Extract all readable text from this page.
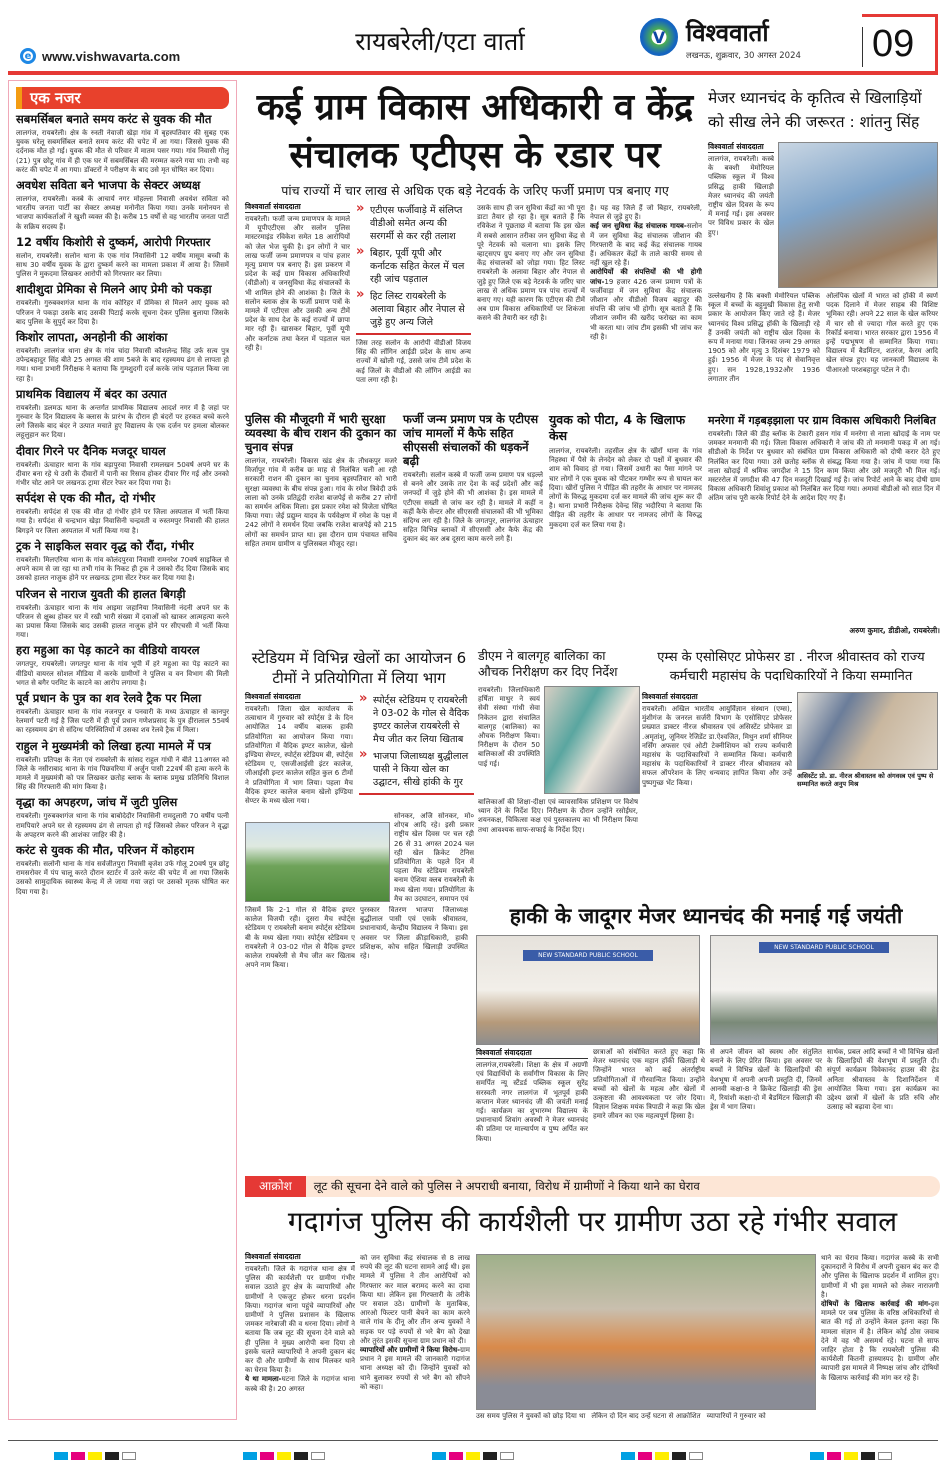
e www.vishwavarta.com	रायबरेली/एटा वार्ता	V विश्ववार्ता
लखनऊ, शुक्रवार, 30 अगस्त 2024 09
एक नजर
सबमर्सिबल बनाते समय करंट से युवक की मौत
लालगंज, रायबरेली। क्षेत्र के रुस्ती नेवाजी खेड़ा गांव में बृहस्पतिवार की सुबह एक युवक घरेलू सबमर्सिबल बनाते समय करंट की चपेट में आ गया। जिससे युवक की दर्दनाक मौत हो गई। युवक की मौत से परिवार में मातम पसर गया। गांव निवासी गोलू (21) पुत्र छोटू गांव में ही एक घर में सबमर्सिबल की मरम्मत करने गया था। तभी वह करंट की चपेट में आ गया। डॉक्टरों ने परीक्षण के बाद उसे मृत घोषित कर दिया।
अवधेश सविता बने भाजपा के सेक्टर अध्यक्ष
लालगंज, रायबरेली। कस्बे के आचार्य नगर मोहल्ला निवासी अवधेश सविता को भारतीय जनता पार्टी का सेक्टर अध्यक्ष मनोनीत किया गया। उनके मनोनयन से भाजपा कार्यकर्ताओं ने खुशी व्यक्त की है। करीब 15 वर्षों से वह भारतीय जनता पार्टी के सक्रिय सदस्य हैं।
12 वर्षीय किशोरी से दुष्कर्म, आरोपी गिरफ्तार
सलोन, रायबरेली। सलोन थाना के एक गांव निवासिनी 12 वर्षीय मासूम बच्ची के साथ 30 वर्षीय युवक के द्वारा दुष्कर्म करने का मामला प्रकाश में आया है। जिसमें पुलिस ने मुकदमा लिखकर आरोपी को गिरफ्तार कर लिया।
शादीशुदा प्रेमिका से मिलने आए प्रेमी को पकड़ा
रायबरेली। गुरुबक्शगंज थाना के गांव कोरिहर में प्रेमिका से मिलने आए युवक को परिजन ने पकड़ा उसके बाद उसकी पिटाई करके सूचना देकर पुलिस बुलाया जिसके बाद पुलिस के सुपुर्द कर दिया है।
किशोर लापता, अनहोनी की आशंका
रायबरेली। लालगंज थाना क्षेत्र के गांव चांदा निवासी कौशलेन्द्र सिंह उर्फ सत्य पुत्र उपेन्द्रबहादुर सिंह बीते 25 अगस्त की शाम 5बजे के बाद रहस्यमय ढंग से लापता हो गया। थाना प्रभारी निरीक्षक ने बताया कि गुमशुदगी दर्ज करके जांच पड़ताल किया जा रहा है।
प्राथमिक विद्यालय में बंदर का उत्पात
रायबरेली। डलमऊ थाना के अन्तर्गत प्राथमिक विद्यालय आदर्श नगर में है जहां पर गुरुवार के दिन विद्यालय के क्लास के प्रारंभ के दौरान ही बंदरों पर हरकत बच्चे करने लगे जिसके बाद बंदर ने उत्पात मचाते हुए विद्यालय के एक दर्जन पर हमला बोलकर लहूलुहान कर दिया।
दीवार गिरने पर दैनिक मजदूर घायल
रायबरेली। ऊंचाहार थाना के गांव बड़ापुरवा निवासी रामलखन 50वर्ष अपने घर के दीवार बना रहे थे उसी के दीवारों में पानी का रिसाव होकर दीवार गिर गई और उनको गंभीर चोट आने पर लखनऊ ट्रामा सेंटर रेफर कर दिया गया है।
सर्पदंश से एक की मौत, दो गंभीर
रायबरेली। सर्पदंश से एक की मौत दो गंभीर होने पर जिला अस्पताल में भर्ती किया गया है। सर्पदंश से चन्द्रभान खेड़ा निवासिनी चन्द्रवती व रुस्तमपुर निवासी की हालत बिगड़ने पर जिला अस्पताल में भर्ती किया गया है।
ट्रक ने साइकिल सवार वृद्ध को रौंदा, गंभीर
रायबरेली। मिलएरिया थाना के गांव कोलंदपुरवा निवासी रामनरेश 70वर्ष साइकिल से अपने काम से जा रहा था तभी गांव के निकट ही ट्रक ने उसको रौंद दिया जिसके बाद उसको हालत नाजुक होने पर लखनऊ ट्रामा सेंटर रेफर कर दिया गया है।
परिजन से नाराज युवती की हालत बिगड़ी
रायबरेली। ऊंचाहार थाना के गांव आइमा जहानिया निवासिनी नंदनी अपने घर के परिजन से क्षुब्ध होकर घर में रखी भारी संख्या में दवाओं को खाकर आत्महत्या करने का प्रयास किया जिसके बाद उसकी हालत नाजुक होने पर सीएचसी में भर्ती किया गया।
हरा महुआ का पेड़ काटने का वीडियो वायरल
जगतपुर, रायबरेली। जगतपुर थाना के गांव भूपी में हरे महुआ का पेड़ काटने का वीडियो वायरल सोशल मीडिया में करके ग्रामीणों ने पुलिस व वन विभाग की मिली भगत से बगैर परमिट के काटने का आरोप लगाया है।
पूर्व प्रधान के पुत्र का शव रेलवे ट्रैक पर मिला
रायबरेली। ऊंचाहार थाना के गांव नजनपुर व पनवारी के मध्य ऊंचाहार से कानपुर रेलमार्ग पटरी गई है जिस पटरी में ही पूर्व प्रधान गणेशप्रसाद के पुत्र हीरालाल 55वर्ष का रहस्यमय ढंग से संदिग्ध परिस्थितियों में उसका शव रेलवे ट्रैक में मिला।
राहुल ने मुख्यमंत्री को लिखा हत्या मामले में पत्र
रायबरेली। प्रतिपक्ष के नेता एवं रायबरेली के सांसद राहुल गांधी ने बीते 11अगस्त को जिले के नसीराबाद थाना के गांव पिछवरिया में अर्जुन पासी 22वर्ष की हत्या करने के मामले में मुख्यमंत्री को पत्र लिखकर छतोह ब्लाक के ब्लाक प्रमुख प्रतिनिधि विशाल सिंह की गिरफ्तारी की मांग किया है।
वृद्धा का अपहरण, जांच में जुटी पुलिस
रायबरेली। गुरुबक्शगंज थाना के गांव बाबोदेदौर निवासिनी रामदुलारी 70 वर्षीय पत्नी रामपियारे अपने घर से रहस्यमय ढंग से लापता हो गई जिसको लेकर परिजन ने वृद्धा के अपहरण करने की आशंका जाहिर की है।
करंट से युवक की मौत, परिजन में कोहराम
रायबरेली। सलोनी थाना के गांव सर्वजीतपुरा निवासी बृजेश उर्फ गोलू 20वर्ष पुत्र छोटू रामसरोवर में पंप चालू करते दौरान स्टार्टर में उतरे करंट की चपेट में आ गया जिसके उसको सामुदायिक स्वास्थ्य केन्द्र में ले जाया गया जहां पर उसको मृतक घोषित कर दिया गया है।
कई ग्राम विकास अधिकारी व केंद्र संचालक एटीएस के रडार पर
पांच राज्यों में चार लाख से अधिक एक बड़े नेटवर्क के जरिए फर्जी प्रमाण पत्र बनाए गए
विश्ववार्ता संवाददाता
रायबरेली। फर्जी जन्म प्रमाणपत्र के मामले में यूपीएटीएस और सलोन पुलिस मास्टरमाइंड रविकेश समेत 18 आरोपियों को जेल भेज चुकी है। इन लोगों ने चार लाख फर्जी जन्म प्रमाणपत्र व पांच हजार मृत्यु प्रमाण पत्र बनाए हैं। इस प्रकरण में प्रदेश के कई ग्राम विकास अधिकारियों (वीडीओ) व जनसुविधा केंद्र संचालकों के भी शामिल होने की आशंका है। जिले के सलोन ब्लाक क्षेत्र के फर्जी प्रमाण पत्रों के मामले में एटीएस और उसकी अन्य टीमें प्रदेश के साथ देश के कई राज्यों में छापा मार रही हैं। खासकर बिहार, पूर्वी यूपी और कर्नाटक तथा केरल में पड़ताल चल रही है।
» एटीएस फर्जीवाड़े में संलिप्त वीडीओ समेत अन्य की सरगर्मी से कर रही तलाश
» बिहार, पूर्वी यूपी और कर्नाटक सहित केरल में चल रही जांच पड़ताल
» हिट लिस्ट रायबरेली के अलावा बिहार और नेपाल से जुड़े हुए अन्य जिले
जिस तरह सलोन के आरोपी वीडीओ विजय सिंह की लॉगिन आईडी प्रदेश के साथ अन्य राज्यों में खोली गई, उससे जांच टीमें प्रदेश के कई जिलों के वीडीओ की लॉगिन आईडी का पता लगा रही है।
उसके साथ ही जन सुविधा केंद्रों का भी पूरा डाटा तैयार हो रहा है। सूत्र बताते हैं कि रविकेश ने पूछताछ में बताया कि इस खेल में सबसे आसान तरीका जन सुविधा केंद्र से पूरे नेटवर्क को चलाना था। इसके लिए व्हाट्सएप ग्रुप बनाए गए और जन सुविधा केंद्र संचालकों को जोड़ा गया। हिट लिस्ट रायबरेली के अलावा बिहार और नेपाल से जुड़े हुए जिले एक बड़े नेटवर्क के जरिए चार लाख से अधिक प्रमाण पत्र पांच राज्यों में बनाए गए। यही कारण कि एटीएस की टीमें अब ग्राम विकास अधिकारियों पर शिकंजा कसने की तैयारी कर रही है।
है। यह वह जिले हैं जो बिहार, रायबरेली, नेपाल से जुड़े हुए हैं।
कई जन सुविधा केंद्र संचालक गायब-सलोन में जन सुविधा केंद्र संचालक जीशान की गिरफ्तारी के बाद कई केंद्र संचालक गायब हैं। अधिकतर केंद्रों के ताले काफी समय से नहीं खुल रहे हैं।
आरोपियों की संपत्तियों की भी होगी जांच-19 हजार 426 जन्म प्रमाण पत्रों के फर्जीवाड़ा में जन सुविधा केंद्र संचालक जीशान और वीडीओ विजय बहादुर की संपत्ति की जांच भी होगी। सूत्र बताते हैं कि जीशान जमीन की खरीद फरोख्त का काम भी करता था। जांच टीम इसकी भी जांच कर रही है।
मेजर ध्यानचंद के कृतित्व से खिलाड़ियों को सीख लेने की जरूरत : शांतनु सिंह
विश्ववार्ता संवाददाता
लालगंज, रायबरेली। कस्बे के बक्शी मेमोरियल पब्लिक स्कूल में विश्व प्रसिद्ध हाकी खिलाड़ी मेजर ध्यानचंद की जयंती राष्ट्रीय खेल दिवस के रूप में मनाई गई। इस अवसर पर विविध प्रकार के खेल हुए।
उल्लेखनीय है कि बक्शी मेमोरियल पब्लिक स्कूल में बच्चों के बहुमुखी विकास हेतु सभी प्रकार के आयोजन किए जाते रहे हैं। मेजर ध्यानचंद विश्व प्रसिद्ध हॉकी के खिलाड़ी रहे हैं उनकी जयंती को राष्ट्रीय खेल दिवस के रूप में मनाया गया। जिनका जन्म 29 अगस्त 1905 को और मृत्यु 3 दिसंबर 1979 को हुई। 1956 में मेजर के पद से सेवानिवृत्त हुए। सन 1928,1932और 1936 लगातार तीन
ओलंपिक खेलों में भारत को हॉकी में स्वर्ण पदक दिलाने में मेजर साहब की विशिष्ट भूमिका रही। अपने 22 साल के खेल करियर में चार सौ से ज्यादा गोल करते हुए एक रिकॉर्ड बनाया। भारत सरकार द्वारा 1956 में इन्हें पद्मभूषण से सम्मानित किया गया। विद्यालय में बैडमिंटन, शतरंज, कैरम आदि खेल संपन्न हुए। यह जानकारी विद्यालय के पीआरओ परशबहादुर पटेल ने दी।
पुलिस की मौजूदगी में भारी सुरक्षा व्यवस्था के बीच राशन की दुकान का चुनाव संपन्न
लालगंज, रायबरेली। विकास खंड क्षेत्र के तौधकपुर मजरे मिर्जापुर गांव में करीब छः माह से निलंबित चली आ रही सरकारी राशन की दुकान का चुनाव बृहस्पतिवार को भारी सुरक्षा व्यवस्था के बीच संपन्न हुआ। गांव के रमेश त्रिवेदी उर्फ लाला को उनके प्रतिद्वंदी राजेश बाजपेई से करीब 27 लोगों का समर्थन अधिक मिला। इस प्रकार रमेश को विजेता घोषित किया गया। जेई प्रद्युम्न यादव के पर्यवेक्षण में रमेश के पक्ष में 242 लोगों ने समर्थन दिया जबकि राजेश बाजपेई को 215 लोगों का समर्थन प्राप्त था। इस दौरान ग्राम पंचायत सचिव सहित तमाम ग्रामीण व पुलिसबल मौजूद रहा।
फर्जी जन्म प्रमाण पत्र के एटीएस जांच मामलों में कैफे सहित सीएससी संचालकों की धड़कनें बढ़ी
रायबरेली। सलोन कस्बे में फर्जी जन्म प्रमाण पत्र धड़ल्ले से बनने और उसके तार देश के कई प्रदेशों और कई जनपदों में जुड़े होने की भी आशंका है। इस मामले में एटीएस सख्ती से जांच कर रही है। मामले में कहीं न कहीं कैफे सेन्टर और सीएससी संचालकों की भी भूमिका संदिग्ध लग रही है। जिले के जगतपुर, लालगंज ऊंचाहार सहित विभिन्न ब्लाकों में सीएससी और कैफे केंद्र की दुकान बंद कर अब दूसरा काम करने लगे हैं।
युवक को पीटा, 4 के खिलाफ केस
लालगंज, रायबरेली। तहसील क्षेत्र के खीरों थाना के गांव निहस्था में पैसे के लेनदेन को लेकर दो पक्षों में बुधवार की शाम को विवाद हो गया। जिसमें उधारी का पैसा मांगने पर चार लोगों ने एक युवक को पीटकर गम्भीर रूप से घायल कर दिया। खीरों पुलिस ने पीड़ित की तहरीर के आधार पर नामजद लोगों के विरुद्ध मुकदमा दर्ज कर मामले की जांच शुरू कर दी है। थाना प्रभारी निरीक्षक देवेन्द्र सिंह भदौरिया ने बताया कि पीड़ित की तहरीर के आधार पर नामजद लोगों के विरुद्ध मुकदमा दर्ज कर लिया गया है।
मनरेगा में गड़बड़झाला पर ग्राम विकास अधिकारी निलंबित
रायबरेली। जिले की डीह ब्लॉक के टेकारी हसन गांव में मनरेगा से नाला खोदाई के नाम पर जमकर मनमानी की गई। जिला विकास अधिकारी ने जांच की तो मनमानी पकड़ में आ गई। सीडीओ के निर्देश पर बुधवार को संबंधित ग्राम विकास अधिकारी को दोषी करार देते हुए निलंबित कर दिया गया। उसे छतोह ब्लॉक से संबद्ध किया गया है। जांच में पाया गया कि नाला खोदाई में श्रमिक जगदीश ने 15 दिन काम किया और उसे मजदूरी भी मिल गई। मस्टररोल में जगदीश की 47 दिन मजदूरी दिखाई गई है। जांच रिपोर्ट आने के बाद दोषी ग्राम विकास अधिकारी शिवांशु प्रकाश को निलंबित कर दिया गया। अमावां बीडीओ को सात दिन में अंतिम जांच पूरी करके रिपोर्ट देने के आदेश दिए गए हैं।
अरुण कुमार, डीडीओ, रायबरेली।
स्टेडियम में विभिन्न खेलों का आयोजन 6 टीमों ने प्रतियोगिता में लिया भाग
विश्ववार्ता संवाददाता
रायबरेली। जिला खेल कार्यालय के तत्वाधान में गुरुवार को स्पोर्ट्स डे के दिन आयोजित 14 वर्षीय बालक हाकी प्रतियोगिता का आयोजन किया गया। प्रतियोगिता में वैदिक इण्टर कालेज, खेलो इण्डिया सेण्टर, स्पोर्ट्स स्टेडियम बी, स्पोर्ट्स स्टेडियम ए, एसजीआईसी इंटर कालेज, जीआईसी इन्टर कालेज सहित कुल 6 टीमों ने प्रतियोगिता में भाग लिया। पहला मैच वैदिक इण्टर कालेज बनाम खेलो इण्डिया सेण्टर के मध्य खेला गया।
» स्पोर्ट्स स्टेडियम ए रायबरेली ने 03-02 के गोल से वैदिक इण्टर कालेज रायबरेली से मैच जीत कर लिया खिताब
» भाजपा जिलाध्यक्ष बुद्धीलाल पासी ने किया खेल का उद्घाटन, सीखे हांकी के गुर
सोनकर, अजि सोनकर, मो० शोएब आदि रहे। इसी प्रकार राष्ट्रीय खेल दिवस पर चल रही 26 से 31 अगस्त 2024 चल रही खेल क्रिकेट टेनिस प्रतियोगिता के पहले दिन में पहला मैच स्टेडियम रायबरेली बनाम ऐशिया क्लब रायबरेली के मध्य खेला गया। प्रतियोगिता के मैच का उदघाटन, समापन एवं
जिसमें कि 2-1 गोल से वैदिक इण्टर कालेज विजयी रही। दूसरा मैच स्पोर्ट्स स्टेडियम ए रायबरेली बनाम स्पोर्ट्स स्टेडियम बी के मध्य खेला गया। स्पोर्ट्स स्टेडियम ए रायबरेली ने 03-02 गोल से वैदिक इण्टर कालेज रायबरेली से मैच जीत कर खिताब अपने नाम किया।
पुरस्कार वितरण भाजपा जिलाध्यक्ष बुद्धीलाल पासी एवं एसके श्रीवास्तव, प्रधानाचार्य, केन्द्रीय विद्यालय ने किया। इस अवसर पर जिला क्रीड़ाधिकारी, हाकी प्रशिक्षक, कोच सहित खिलाड़ी उपस्थित रहे।
डीएम ने बालगृह बालिका का औचक निरीक्षण कर दिए निर्देश
रायबरेली। जिलाधिकारी हर्षिता माथुर ने स्वयं सेवी संस्था गांधी सेवा निकेतन द्वारा संचालित बालगृह (बालिका) का औचक निरीक्षण किया। निरीक्षण के दौरान 50 बालिकाओं की उपस्थिति पाई गई।
बालिकाओं की शिक्षा-दीक्षा एवं व्यावसायिक प्रशिक्षण पर विशेष ध्यान देने के निर्देश दिए। निरीक्षण के दौरान उन्होंने रसोईघर, शयनकक्ष, चिकित्सा कक्ष एवं पुस्तकालय का भी निरीक्षण किया तथा आवश्यक साफ-सफाई के निर्देश दिए।
एम्स के एसोसिएट प्रोफेसर डा . नीरज श्रीवास्तव को राज्य कर्मचारी महासंघ के पदाधिकारियों ने किया सम्मानित
विश्ववार्ता संवाददाता
रायबरेली। अखिल भारतीय आयुर्विज्ञान संस्थान (एम्स), मुंशीगंज के जनरल सर्जरी विभाग के एसोसिएट प्रोफेसर प्रख्यात डाक्टर नीरज श्रीवास्तव एवं असिस्टेंट प्रोफेसर डा .अमृतांशु, जूनियर रेजिडेंट डा.ऐश्वजित, मिथुन शर्मा सीनियर नर्सिंग अफसर एवं ओटी टेक्नीशियन को राज्य कर्मचारी महासंघ के पदाधिकारियों ने सम्मानित किया। कर्मचारी महासंघ के पदाधिकारियों ने डाक्टर नीरज श्रीवास्तव को सफल ऑपरेशन के लिए धन्यवाद ज्ञापित किया और उन्हें पुष्पगुच्छ भेंट किया।
असिस्टेंट प्रो. डा. नीरज श्रीवास्तव को अंगवस्त्र एवं पुष्प से सम्मानित करते अनुप मिश्र
हाकी के जादूगर मेजर ध्यानचंद की मनाई गई जयंती
NEW STANDARD PUBLIC SCHOOL
NEW STANDARD PUBLIC SCHOOL
विश्ववार्ता संवाददाता
लालगंज,रायबरेली। शिक्षा के क्षेत्र में अग्रणी एवं विद्यार्थियों के सर्वांगीण विकास के लिए समर्पित न्यू स्टैंडर्ड पब्लिक स्कूल सुरेंद्र सरस्वती नगर लालगंज में भूतपूर्व हाकी कप्तान मेजर ध्यानचंद जी की जयंती मनाई गई। कार्यक्रम का शुभारम्भ विद्यालय के प्रधानाचार्य शिवांग अवस्थी ने मेजर ध्यानचंद की प्रतिमा पर माल्यार्पण व पुष्प अर्पित कर किया।
छात्राओं को संबोधित करते हुए कहा कि मेजर ध्यानचंद एक महान हॉकी खिलाड़ी थे जिन्होंने भारत को कई अंतर्राष्ट्रीय प्रतियोगिताओं में गौरवान्वित किया। उन्होंने बच्चों को खेलों के महत्व और खेलों में उत्कृष्टता की आवश्यकता पर जोर दिया। विज्ञान शिक्षक मयंक त्रिपाठी ने कहा कि खेल हमारे जीवन का एक महत्वपूर्ण हिस्सा है।
से अपने जीवन को स्वस्थ और संतुलित बनाने के लिए प्रेरित किया। इस अवसर पर बच्चों ने विभिन्न खेलों के खिलाड़ियों की वेशभूषा में अपनी अपनी प्रस्तुति दी, जिनमें आनवी कक्षा-8 ने क्रिकेट खिलाड़ी की ड्रेस में, रियांशी कक्षा-दो में बैडमिंटन खिलाड़ी की ड्रेस में भाग लिया।
सार्थक, प्रबल आदि बच्चों ने भी विभिन्न खेलों के खिलाड़ियों की वेशभूषा में प्रस्तुति दी। संपूर्ण कार्यक्रम विवेकानंद हाउस की हेड अनिता श्रीवास्तव के दिशानिर्देशन में आयोजित किया गया। इस कार्यक्रम का उद्देश्य छात्रों में खेलों के प्रति रुचि और उत्साह को बढ़ावा देना था।
आक्रोश	लूट की सूचना देने वाले को पुलिस ने अपराधी बनाया, विरोध में ग्रामीणों ने किया थाने का घेराव
गदागंज पुलिस की कार्यशैली पर ग्रामीण उठा रहे गंभीर सवाल
विश्ववार्ता संवाददाता
रायबरेली। जिले के गदागंज थाना क्षेत्र में पुलिस की कार्यशैली पर ग्रामीण गंभीर सवाल उठाते हुए क्षेत्र के व्यापारियों और ग्रामीणों ने एकजुट होकर धरना प्रदर्शन किया। गदागंज थाना पहुंचे व्यापारियों और ग्रामीणों ने पुलिस प्रशासन के खिलाफ जमकर नारेबाजी की व धरना दिया। लोगों ने बताया कि जब लूट की सूचना देने वाले को ही पुलिस ने मुख्य आरोपी बना दिया तो इसके चलते व्यापारियों ने अपनी दुकान बंद कर दी और ग्रामीणों के साथ मिलकर थाने का घेराव किया है।
ये था मामला-घटना जिले के गदागंज थाना कस्बे की है। 20 अगस्त
को जन सुविधा केंद्र संचालक से 8 लाख रुपये की लूट की घटना सामने आई थी। इस मामले में पुलिस ने तीन आरोपियों को गिरफ्तार कर माल बरामद करने का दावा किया था। लेकिन इस गिरफ्तारी के तरीके पर सवाल उठे। ग्रामीणों के मुताबिक, आरओ फिल्टर पानी बेचने का काम करने वाले गांव के दीनू और तीन अन्य युवकों ने सड़क पर पड़े रुपयों से भरे बैग को देखा और तुरंत इसकी सूचना ग्राम प्रधान को दी।
व्यापारियों और ग्रामीणों ने किया विरोध-ग्राम प्रधान ने इस मामले की जानकारी गदागंज थाना अध्यक्ष को दी। जिन्होंने युवकों को थाने बुलाकर रुपयों से भरे बैग को सौंपने को कहा।
उस समय पुलिस ने युवकों को छोड़ दिया था लेकिन दो दिन बाद उन्हें घटना से आक्रोशित व्यापारियों ने गुरुवार को
थाने का घेराव किया। गदागंज कस्बे के सभी दुकानदारों ने विरोध में अपनी दुकान बंद कर दी और पुलिस के खिलाफ प्रदर्शन में शामिल हुए। ग्रामीणों में भी इस मामले को लेकर नाराजगी है।
दोषियों के खिलाफ कार्रवाई की मांग-इस मामले पर जब पुलिस के वरिष्ठ अधिकारियों से बात की गई तो उन्होंने केवल इतना कहा कि मामला संज्ञान में है। लेकिन कोई ठोस जवाब देने में वह भी असमर्थ रहे। घटना से साफ जाहिर होता है कि रायबरेली पुलिस की कार्यशैली कितनी हास्यास्पद है। ग्रामीण और व्यापारी इस मामले में निष्पक्ष जांच और दोषियों के खिलाफ कार्रवाई की मांग कर रहे हैं।
